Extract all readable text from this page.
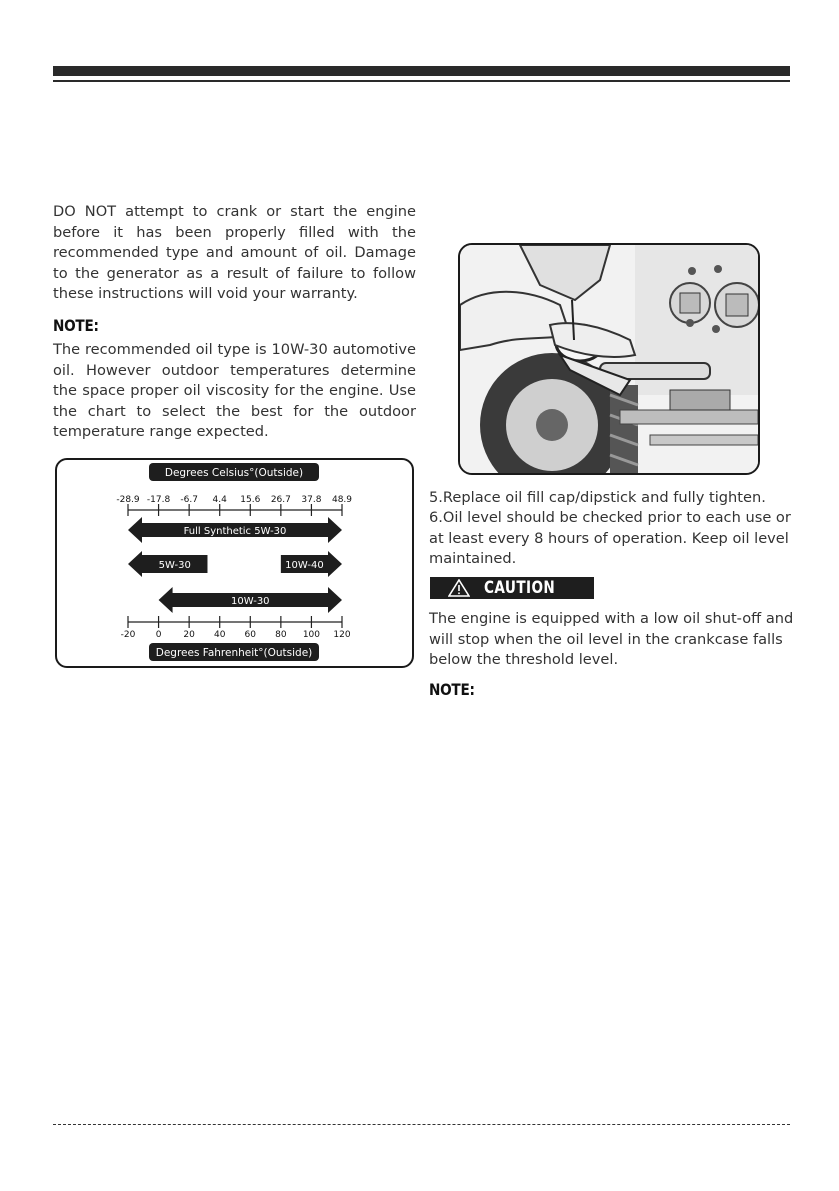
DO NOT attempt to crank or start the engine before it has been properly filled with the recommended type and amount of oil. Damage to the generator as a result of failure to follow these instructions will void your warranty.

NOTE:

The recommended oil type is 10W-30 automotive oil. However outdoor temperatures determine the space proper oil viscosity for the engine. Use the chart to select the best for the outdoor temperature range expected.

Degrees Celsius°(Outside)
-28.9 -17.8 -6.7 4.4 15.6 26.7 37.8 48.9
Full Synthetic 5W-30
5W-30	10W-40
10W-30
-20 0 20 40 60 80 100 120
Degrees Fahrenheit°(Outside)

5.Replace oil fill cap/dipstick and fully tighten.

6.Oil level should be checked prior to each use or at least every 8 hours of operation. Keep oil level maintained.

CAUTION

The engine is equipped with a low oil shut-off and will stop when the oil level in the crankcase falls below the threshold level.

NOTE:
